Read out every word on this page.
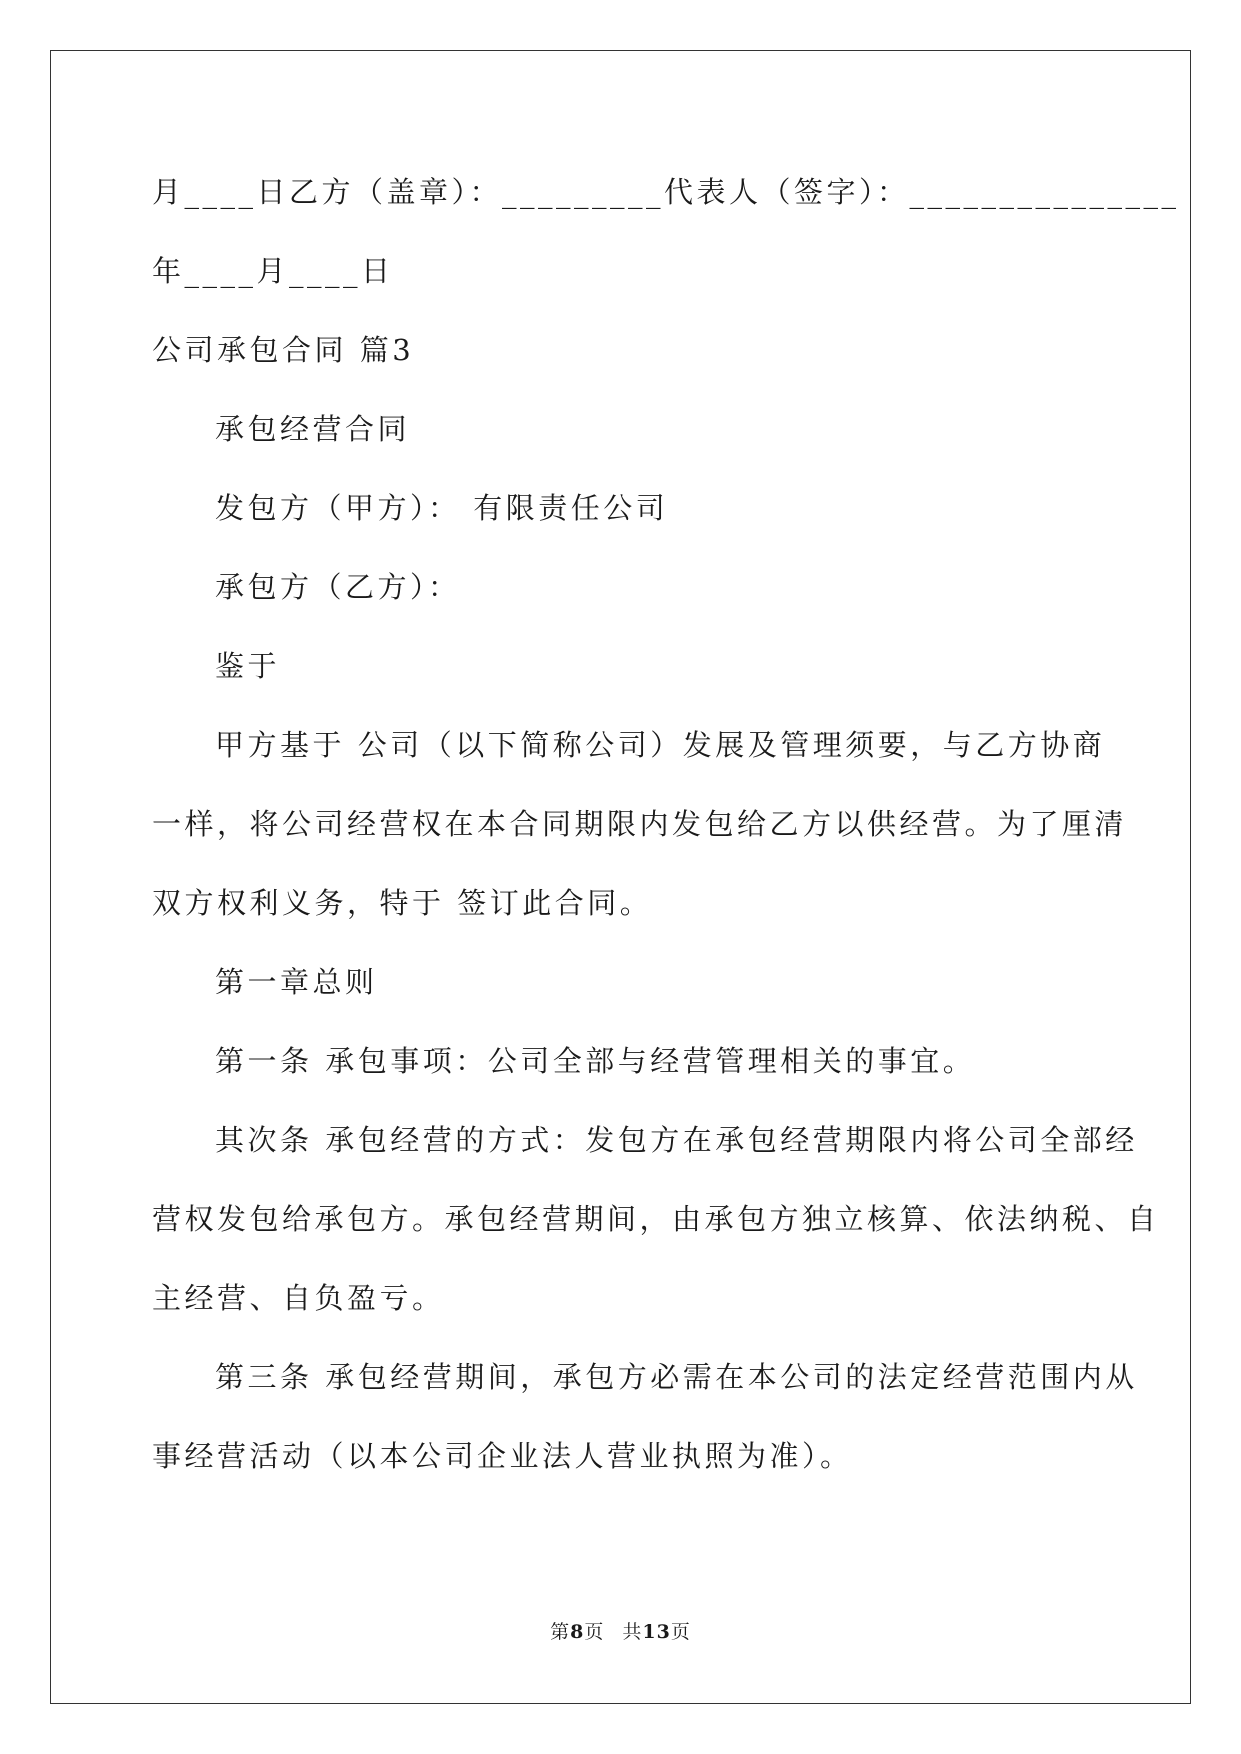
月____日乙方（盖章）：_________代表人（签字）：_______________
年____月____日
公司承包合同 篇3
承包经营合同
发包方（甲方）： 有限责任公司
承包方（乙方）：
鉴于
甲方基于 公司（以下简称公司）发展及管理须要，与乙方协商
一样，将公司经营权在本合同期限内发包给乙方以供经营。为了厘清
双方权利义务，特于 签订此合同。
第一章总则
第一条 承包事项：公司全部与经营管理相关的事宜。
其次条 承包经营的方式：发包方在承包经营期限内将公司全部经
营权发包给承包方。承包经营期间，由承包方独立核算、依法纳税、自
主经营、自负盈亏。
第三条 承包经营期间，承包方必需在本公司的法定经营范围内从
事经营活动（以本公司企业法人营业执照为准）。
第8页 共13页
